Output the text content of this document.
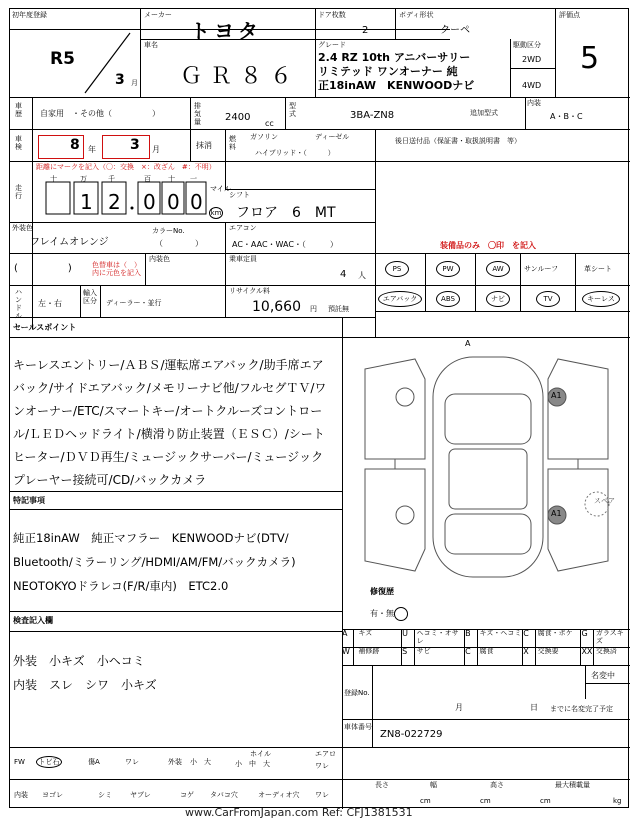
初年度登録
R5
3 月
メーカー
トヨタ
ドア枚数
2
ボディ形状
クーペ
評価点
5
車名
ＧＲ８６
グレード
2.4 RZ 10th アニバーサリー
リミテッド ワンオーナー 純
正18inAW　KENWOODナビ
駆動区分
2WD
4WD
車歴	自家用　・その他（　　　　　）
排気量	2400
cc
型式	3BA-ZN8	追加型式
内装
A・B・C
車検	8 年 3 月	抹消
燃料
ガソリン	ディーゼル
ハイブリッド・（　　　）
後日送付品（保証書・取扱説明書　等）
走行
距離にマークを記入（〇：交換　×：改ざん　#：不明）
十	万	千	百 十 一
1 2 0 0 0
マイル
km
シフト
フロア　6　MT
外装色
フレイムオレンジ
カラーNo.
（　　　　）
エアコン
AC・AAC・WAC・（　　　）	装備品のみ　〇印　を記入
(　　　　　)	色替車は（　）内に元色を記入
内装色	乗車定員
4 人
PS	PW	AW	サンルーフ	革シート
エアバック	ABS	ナビ	TV	キーレス
ハンドル
左・右
輸入区分 ディーラー・並行
リサイクル料
10,660 円 預託無
セールスポイント
キーレスエントリー/ＡＢＳ/運転席エアバック/助手席エア
バック/サイドエアバック/メモリーナビ他/フルセグＴＶ/ワ
ンオーナー/ETC/スマートキー/オートクルーズコントロー
ル/ＬＥＤヘッドライト/横滑り防止装置（ＥＳＣ）/シート
ヒーター/ＤＶＤ再生/ミュージックサーバー/ミュージック
プレーヤー接続可/CD/バックカメラ
特記事項
純正18inAW　純正マフラー　KENWOODナビ(DTV/
Bluetooth/ミラーリング/HDMI/AM/FM/バックカメラ)
NEOTOKYOドラレコ(F/R/車内)　ETC2.0
検査記入欄
外装　小キズ　小ヘコミ
内装　スレ　シワ　小キズ
A
A1
A1
スペア
修復歴
有・無
A	キズ	U	ヘコミ・オサレ
B	キズ・ヘコミ C	腐食・ポケ	G	ガラスキズ
W	補修跡	S	サビ	C	腐食	X	交換要	XX 交換済
登録No.
名変中
月	日 までに名変完了予定
車体番号
ZN8-022729
FW	トビ石	傷A	ワレ	外装 小　大
ホイル
小　中　大
エアロ
ワレ
内装 ヨゴレ	シミ	ヤブレ	コゲ タバコ穴	オーディオ穴 ワレ
長さ	幅	高さ
cm	cm	cm
最大積載量
kg
www.CarFromJapan.com Ref: CFJ1381531
